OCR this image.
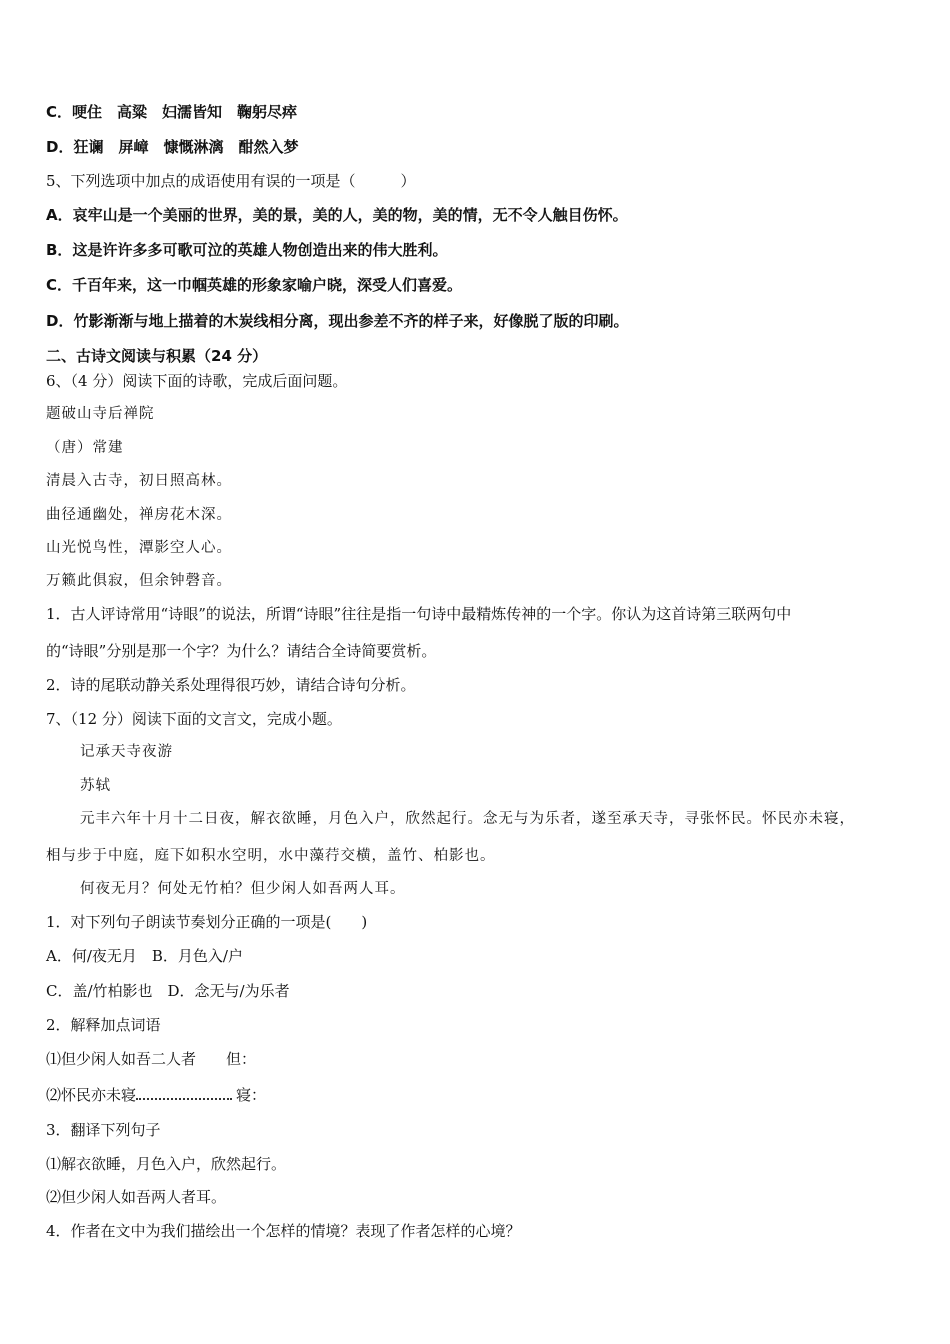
C．哽住　高粱　妇濡皆知　鞠躬尽瘁
D．狂谰　屏嶂　慷慨淋漓　酣然入梦
5、下列选项中加点的成语使用有误的一项是（　　　）
A．哀牢山是一个美丽的世界，美的景，美的人，美的物，美的情，无不令人触目伤怀。
B．这是许许多多可歌可泣的英雄人物创造出来的伟大胜利。
C．千百年来，这一巾帼英雄的形象家喻户晓，深受人们喜爱。
D．竹影渐渐与地上描着的木炭线相分离，现出参差不齐的样子来，好像脱了版的印刷。
二、古诗文阅读与积累（24 分）
6、（4 分）阅读下面的诗歌，完成后面问题。
题破山寺后禅院
（唐）常建
清晨入古寺，初日照高林。
曲径通幽处，禅房花木深。
山光悦鸟性，潭影空人心。
万籁此俱寂，但余钟磬音。
1．古人评诗常用“诗眼”的说法，所谓“诗眼”往往是指一句诗中最精炼传神的一个字。你认为这首诗第三联两句中
的“诗眼”分别是那一个字？为什么？请结合全诗简要赏析。
2．诗的尾联动静关系处理得很巧妙，请结合诗句分析。
7、（12 分）阅读下面的文言文，完成小题。
记承天寺夜游
苏轼
元丰六年十月十二日夜，解衣欲睡，月色入户，欣然起行。念无与为乐者，遂至承天寺，寻张怀民。怀民亦未寝，
相与步于中庭，庭下如积水空明，水中藻荇交横，盖竹、柏影也。
何夜无月？何处无竹柏？但少闲人如吾两人耳。
1．对下列句子朗读节奏划分正确的一项是(　　)
A．何/夜无月　B．月色入/户
C．盖/竹柏影也　D．念无与/为乐者
2．解释加点词语
⑴但少闲人如吾二人者　　但：
⑵怀民亦未寝	寝：
3．翻译下列句子
⑴解衣欲睡，月色入户，欣然起行。
⑵但少闲人如吾两人者耳。
4．作者在文中为我们描绘出一个怎样的情境？表现了作者怎样的心境？
